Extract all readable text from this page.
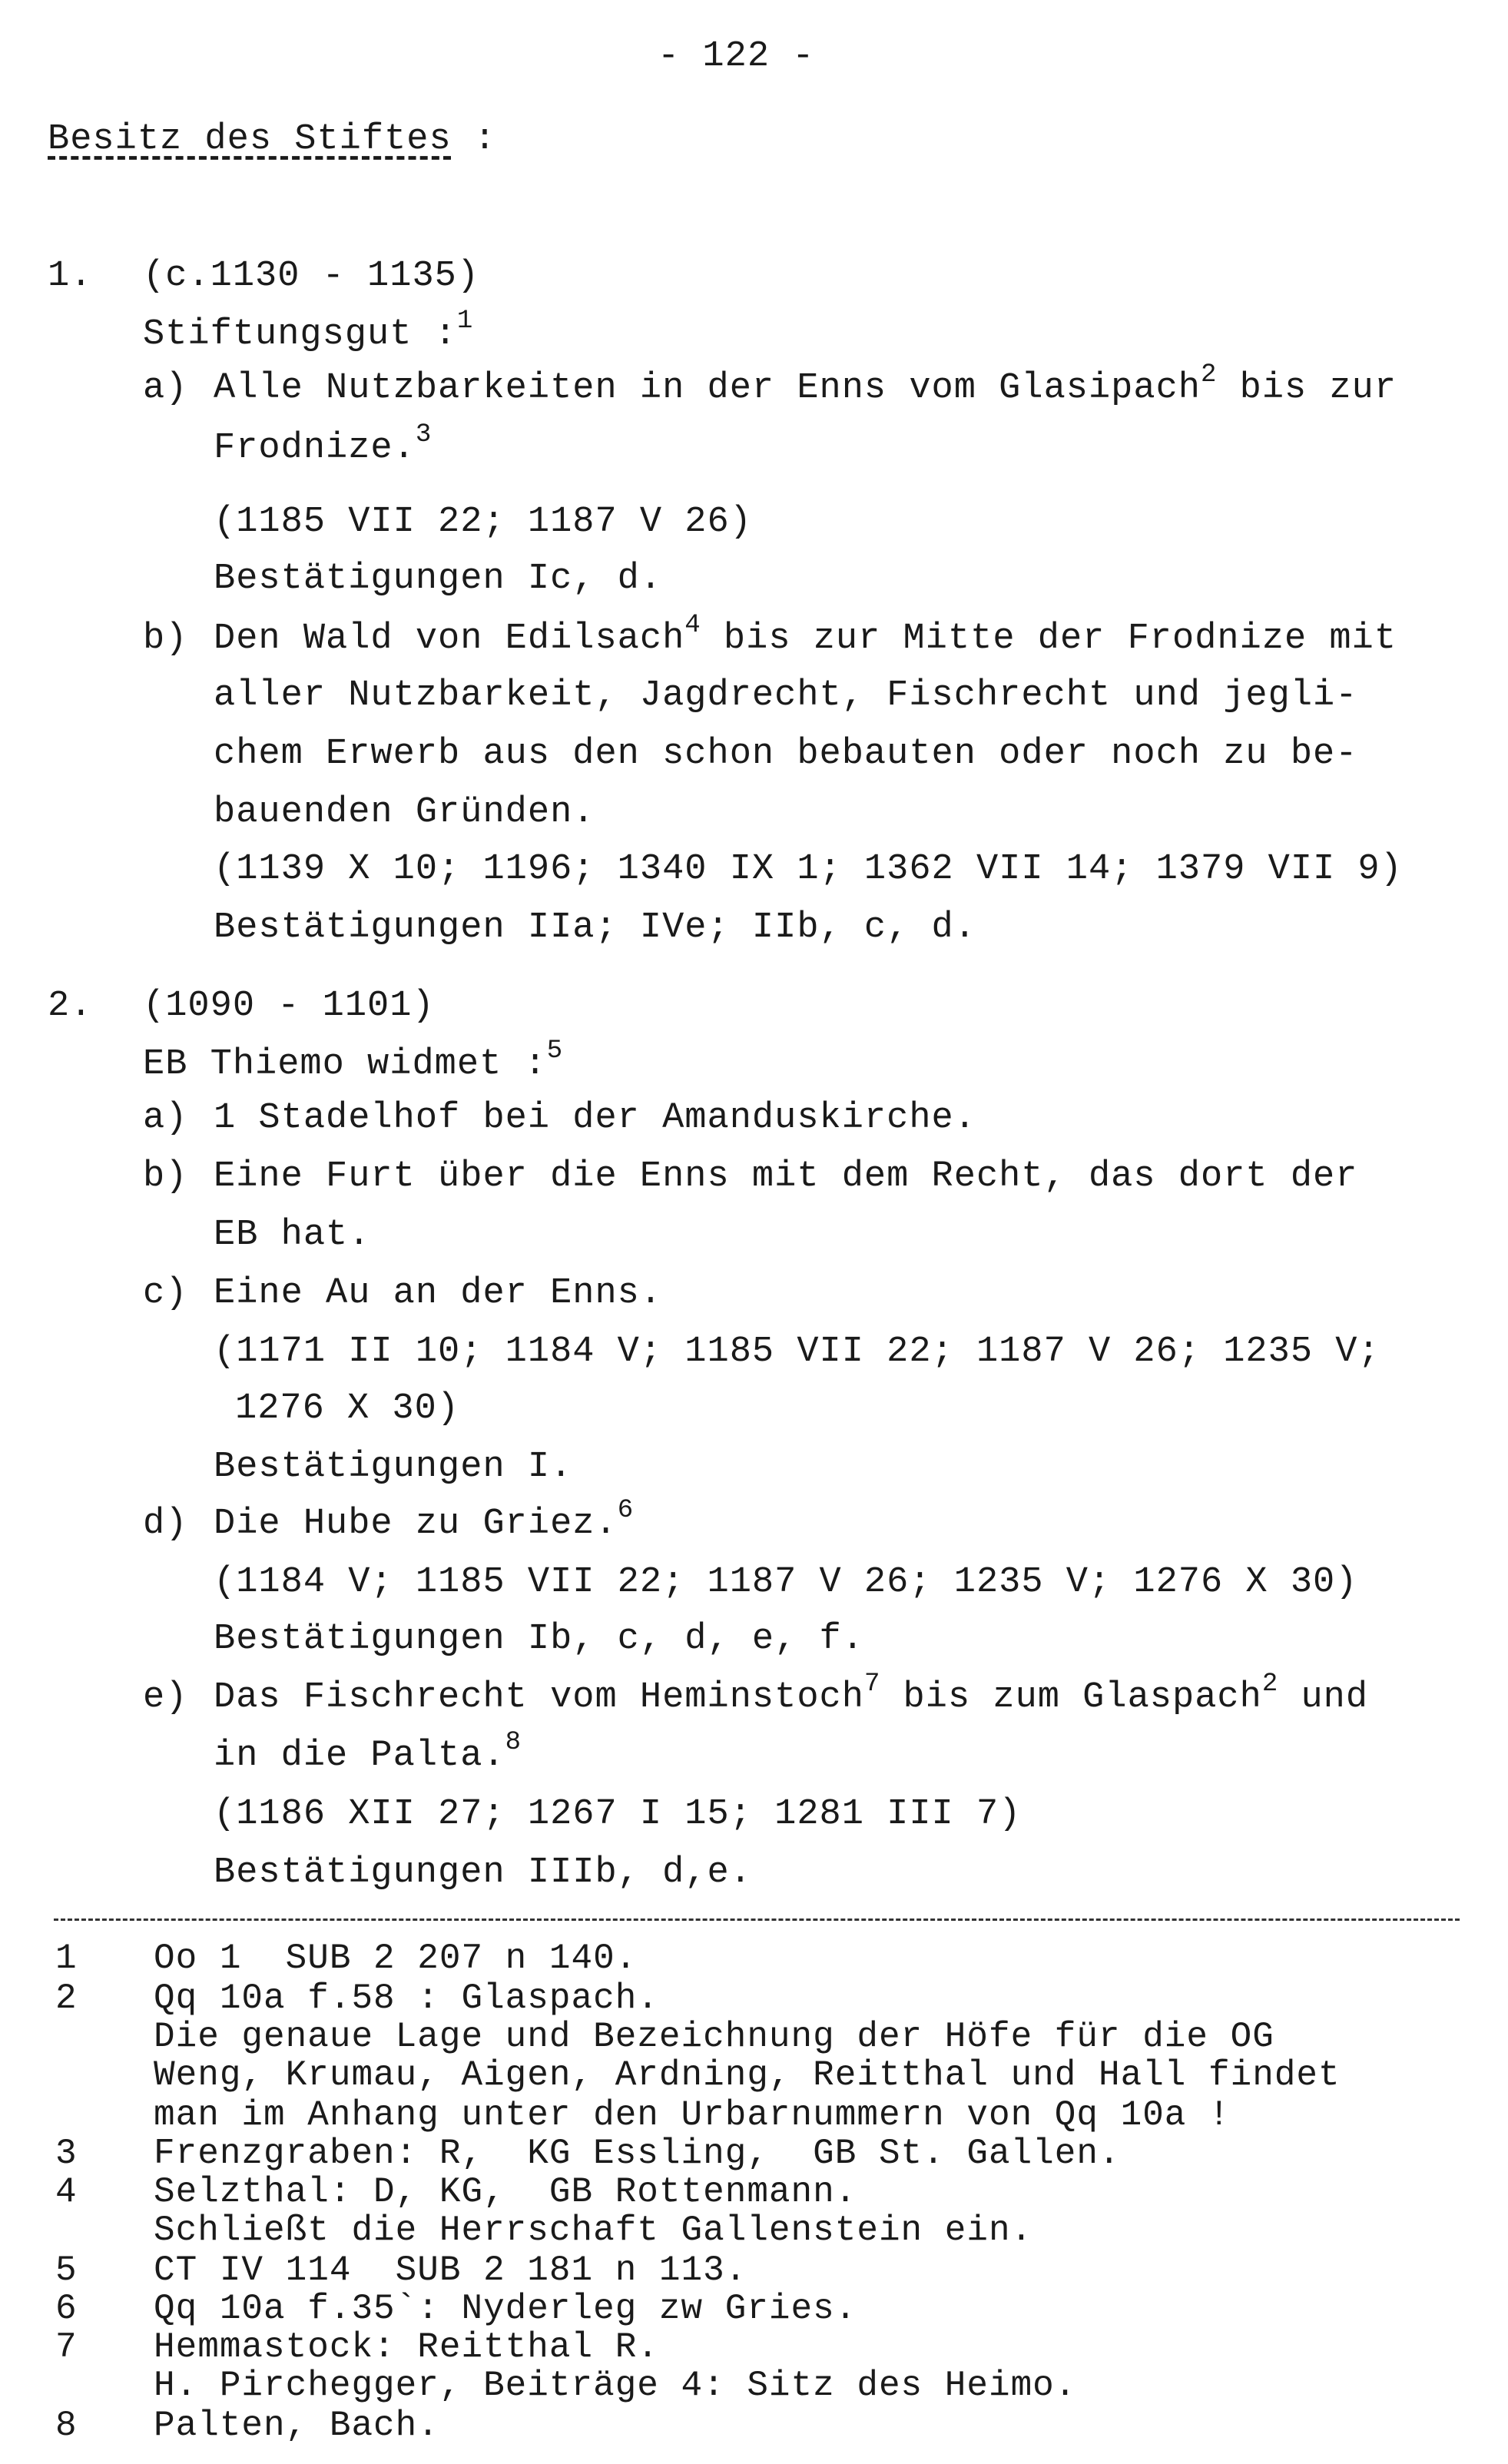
- 122 -
Besitz des Stiftes :
1. (c.1130 - 1135)
Stiftungsgut :$^1$
a) Alle Nutzbarkeiten in der Enns vom Glasipach$^2$ bis zur
Frodnize.$^3$
(1185 VII 22; 1187 V 26)
Bestätigungen Ic, d.
b) Den Wald von Edilsach$^4$ bis zur Mitte der Frodnize mit
aller Nutzbarkeit, Jagdrecht, Fischrecht und jegli-
chem Erwerb aus den schon bebauten oder noch zu be-
bauenden Gründen.
(1139 X 10; 1196; 1340 IX 1; 1362 VII 14; 1379 VII 9)
Bestätigungen IIa; IVe; IIb, c, d.
2. (1090 - 1101)
EB Thiemo widmet :$^5$
a) 1 Stadelhof bei der Amanduskirche.
b) Eine Furt über die Enns mit dem Recht, das dort der
EB hat.
c) Eine Au an der Enns.
(1171 II 10; 1184 V; 1185 VII 22; 1187 V 26; 1235 V;
1276 X 30)
Bestätigungen I.
d) Die Hube zu Griez.$^6$
(1184 V; 1185 VII 22; 1187 V 26; 1235 V; 1276 X 30)
Bestätigungen Ib, c, d, e, f.
e) Das Fischrecht vom Heminstoch$^7$ bis zum Glaspach$^2$ und
in die Palta.$^8$
(1186 XII 27; 1267 I 15; 1281 III 7)
Bestätigungen IIIb, d,e.
1 Oo 1  SUB 2 207 n 140.
2 Qq 10a f.58 : Glaspach.
Die genaue Lage und Bezeichnung der Höfe für die OG
Weng, Krumau, Aigen, Ardning, Reitthal und Hall findet
man im Anhang unter den Urbarnummern von Qq 10a !
3 Frenzgraben: R,  KG Essling,  GB St. Gallen.
4 Selzthal: D, KG,  GB Rottenmann.
Schließt die Herrschaft Gallenstein ein.
5 CT IV 114  SUB 2 181 n 113.
6 Qq 10a f.35`: Nyderleg zw Gries.
7 Hemmastock: Reitthal R.
H. Pirchegger, Beiträge 4: Sitz des Heimo.
8 Palten, Bach.
